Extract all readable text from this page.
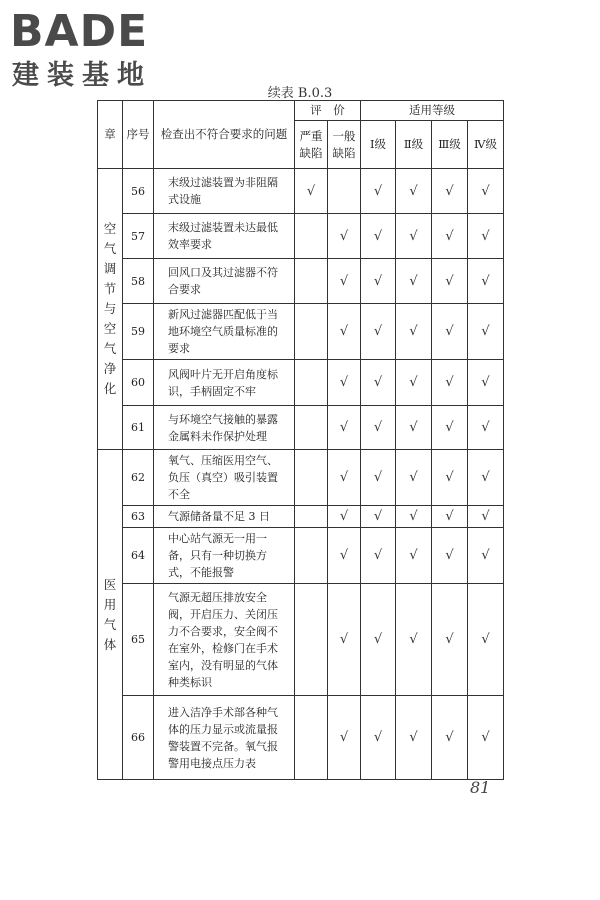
BADE
建装基地
续表 B.0.3
章	序号	检查出不符合要求的问题	评　价		适用等级			
			严重缺陷	一般缺陷	Ⅰ级	Ⅱ级	Ⅲ级	Ⅳ级
空气调节与空气净化	56	末级过滤装置为非阻隔式设施	√		√	√	√	√
	57	末级过滤装置未达最低效率要求		√	√	√	√	√
	58	回风口及其过滤器不符合要求		√	√	√	√	√
	59	新风过滤器匹配低于当地环境空气质量标准的要求		√	√	√	√	√
	60	风阀叶片无开启角度标识，手柄固定不牢		√	√	√	√	√
	61	与环境空气接触的暴露金属料未作保护处理		√	√	√	√	√
医用气体	62	氧气、压缩医用空气、负压（真空）吸引装置不全		√	√	√	√	√
	63	气源储备量不足 3 日		√	√	√	√	√
	64	中心站气源无一用一备，只有一种切换方式，不能报警		√	√	√	√	√
	65	气源无超压排放安全阀，开启压力、关闭压力不合要求，安全阀不在室外，检修门在手术室内，没有明显的气体种类标识		√	√	√	√	√
	66	进入洁净手术部各种气体的压力显示或流量报警装置不完备。氧气报警用电接点压力表		√	√	√	√	√
81
